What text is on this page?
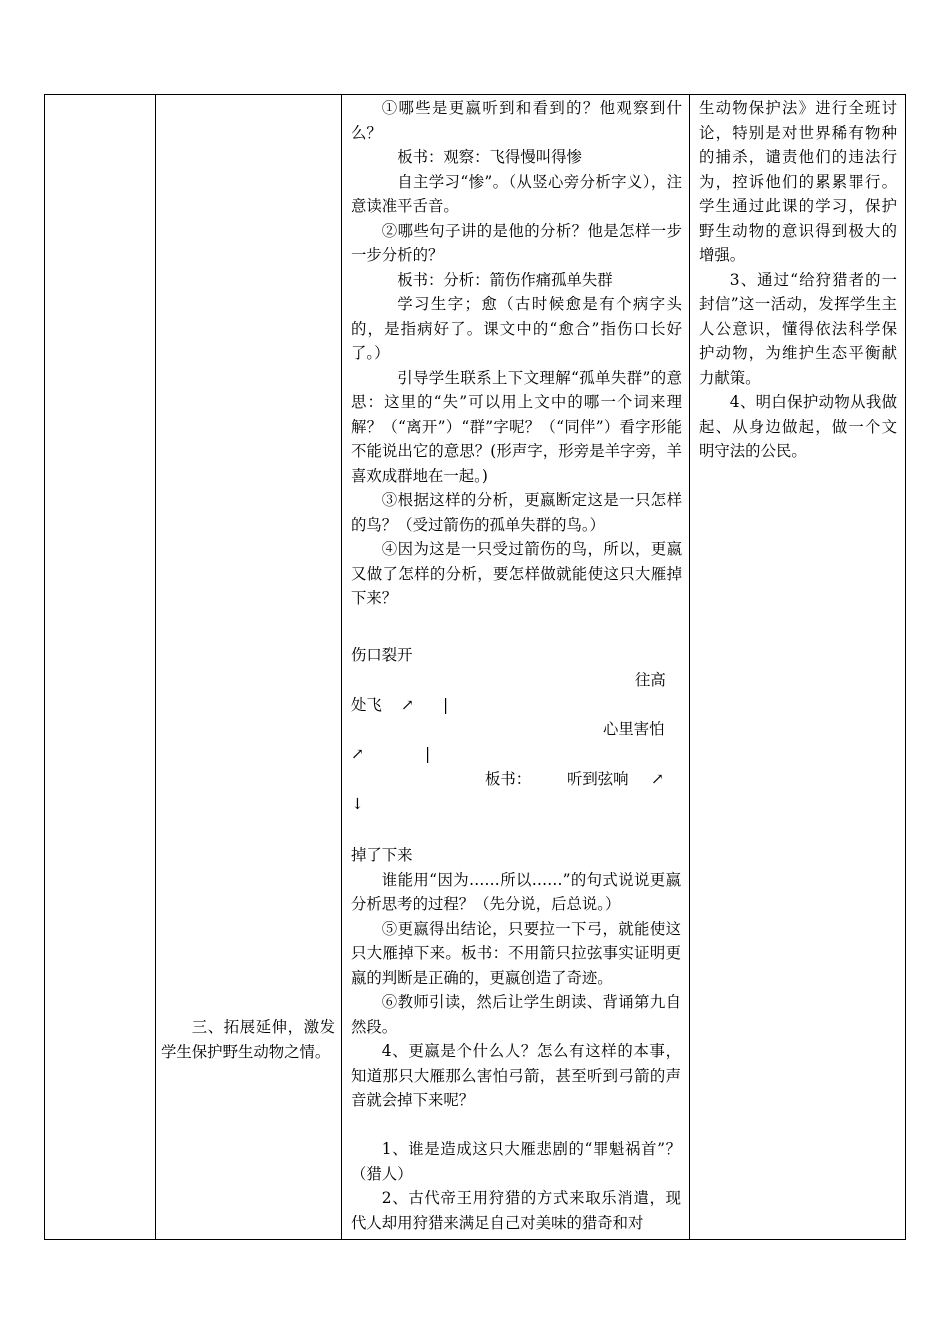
三、拓展延伸，激发学生保护野生动物之情。

①哪些是更嬴听到和看到的？他观察到什么？

板书：观察：飞得慢叫得惨

自主学习“惨”。（从竖心旁分析字义），注意读准平舌音。

②哪些句子讲的是他的分析？他是怎样一步一步分析的？

板书：分析：箭伤作痛孤单失群

学习生字；愈（古时候愈是有个病字头的，是指病好了。课文中的“愈合”指伤口长好了。）

引导学生联系上下文理解“孤单失群”的意思：这里的“失”可以用上文中的哪一个词来理解？（“离开”）“群”字呢？（“同伴”）看字形能不能说出它的意思？(形声字，形旁是羊字旁，羊喜欢成群地在一起。)

③根据这样的分析，更嬴断定这是一只怎样的鸟？（受过箭伤的孤单失群的鸟。）

④因为这是一只受过箭伤的鸟，所以，更嬴又做了怎样的分析，要怎样做就能使这只大雁掉下来？

伤口裂开
往高
处飞 ↗ |
心里害怕
↗	|
板书： 听到弦响 ↗
↓

掉了下来

谁能用“因为……所以……”的句式说说更嬴分析思考的过程？（先分说，后总说。）

⑤更嬴得出结论，只要拉一下弓，就能使这只大雁掉下来。板书：不用箭只拉弦事实证明更嬴的判断是正确的，更嬴创造了奇迹。

⑥教师引读，然后让学生朗读、背诵第九自然段。

4、更嬴是个什么人？怎么有这样的本事，知道那只大雁那么害怕弓箭，甚至听到弓箭的声音就会掉下来呢？

1、谁是造成这只大雁悲剧的“罪魁祸首”？（猎人）

2、古代帝王用狩猎的方式来取乐消遣，现代人却用狩猎来满足自己对美味的猎奇和对

生动物保护法》进行全班讨论，特别是对世界稀有物种的捕杀，谴责他们的违法行为，控诉他们的累累罪行。学生通过此课的学习，保护野生动物的意识得到极大的增强。

3、通过“给狩猎者的一封信”这一活动，发挥学生主人公意识，懂得依法科学保护动物，为维护生态平衡献力献策。

4、明白保护动物从我做起、从身边做起，做一个文明守法的公民。
